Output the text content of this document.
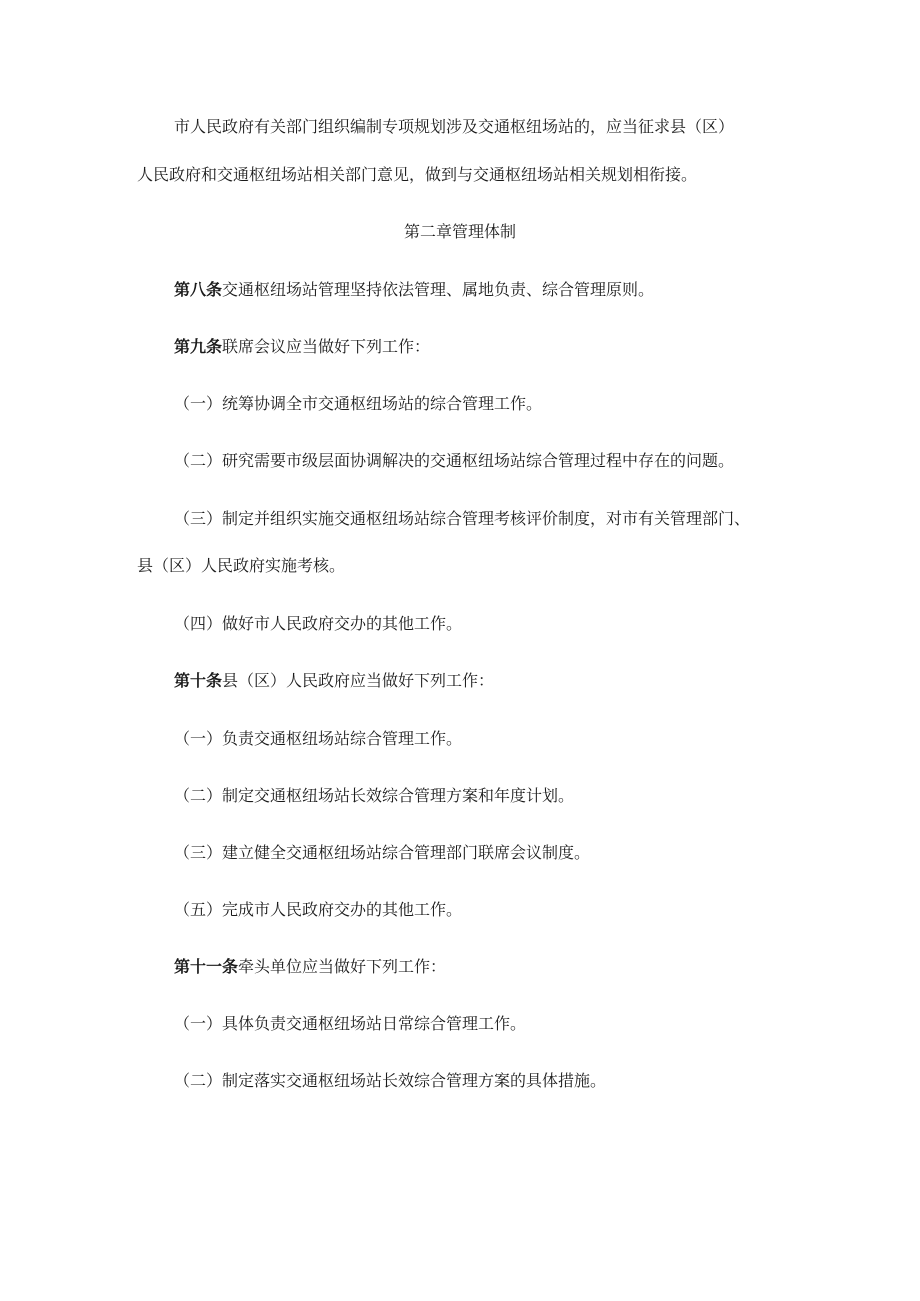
市人民政府有关部门组织编制专项规划涉及交通枢纽场站的，应当征求县（区）
人民政府和交通枢纽场站相关部门意见，做到与交通枢纽场站相关规划相衔接。
第二章管理体制
第八条交通枢纽场站管理坚持依法管理、属地负责、综合管理原则。
第九条联席会议应当做好下列工作：
（一）统筹协调全市交通枢纽场站的综合管理工作。
（二）研究需要市级层面协调解决的交通枢纽场站综合管理过程中存在的问题。
（三）制定并组织实施交通枢纽场站综合管理考核评价制度，对市有关管理部门、
县（区）人民政府实施考核。
（四）做好市人民政府交办的其他工作。
第十条县（区）人民政府应当做好下列工作：
（一）负责交通枢纽场站综合管理工作。
（二）制定交通枢纽场站长效综合管理方案和年度计划。
（三）建立健全交通枢纽场站综合管理部门联席会议制度。
（五）完成市人民政府交办的其他工作。
第十一条牵头单位应当做好下列工作：
（一）具体负责交通枢纽场站日常综合管理工作。
（二）制定落实交通枢纽场站长效综合管理方案的具体措施。
